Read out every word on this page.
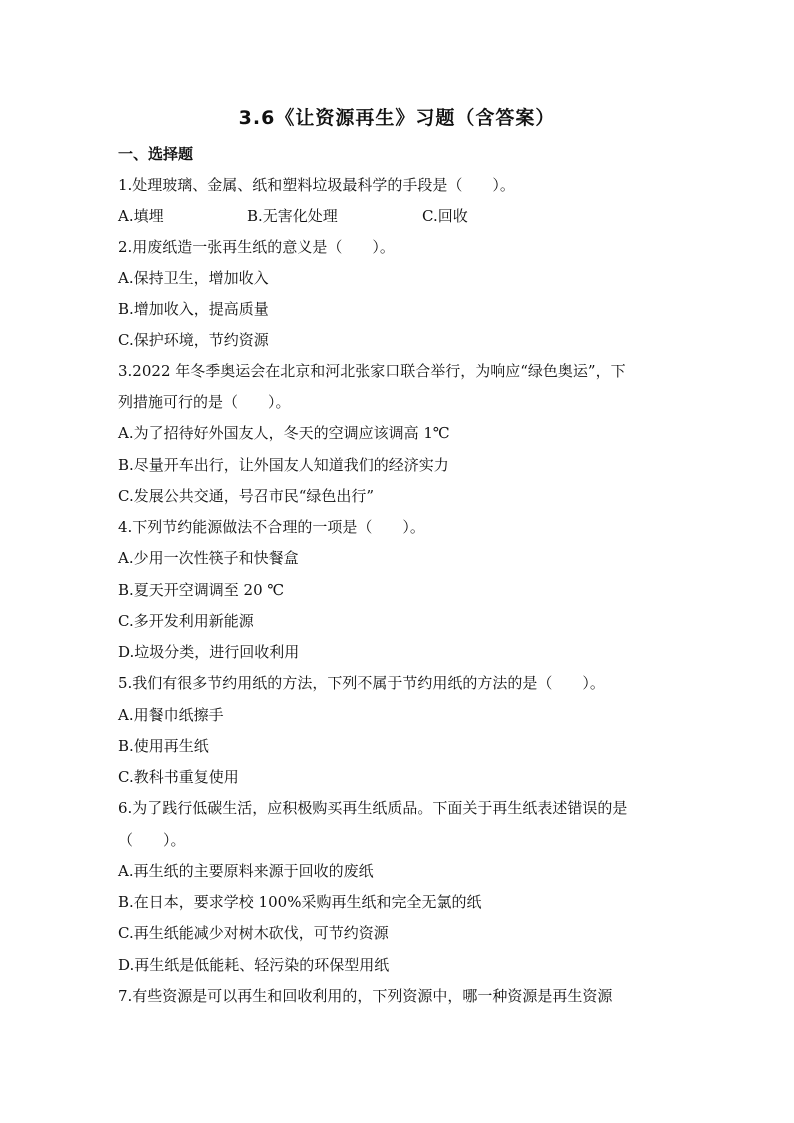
3.6《让资源再生》习题（含答案）
一、选择题
1.处理玻璃、金属、纸和塑料垃圾最科学的手段是（　　）。
A.填埋	B.无害化处理	C.回收
2.用废纸造一张再生纸的意义是（　　）。
A.保持卫生，增加收入
B.增加收入，提高质量
C.保护环境，节约资源
3.2022 年冬季奥运会在北京和河北张家口联合举行，为响应“绿色奥运”，下
列措施可行的是（　　）。
A.为了招待好外国友人，冬天的空调应该调高 1℃
B.尽量开车出行，让外国友人知道我们的经济实力
C.发展公共交通，号召市民“绿色出行”
4.下列节约能源做法不合理的一项是（　　）。
A.少用一次性筷子和快餐盒
B.夏天开空调调至 20 ℃
C.多开发利用新能源
D.垃圾分类，进行回收利用
5.我们有很多节约用纸的方法，下列不属于节约用纸的方法的是（　　）。
A.用餐巾纸擦手
B.使用再生纸
C.教科书重复使用
6.为了践行低碳生活，应积极购买再生纸质品。下面关于再生纸表述错误的是
（　　）。
A.再生纸的主要原料来源于回收的废纸
B.在日本，要求学校 100%采购再生纸和完全无氯的纸
C.再生纸能减少对树木砍伐，可节约资源
D.再生纸是低能耗、轻污染的环保型用纸
7.有些资源是可以再生和回收利用的，下列资源中，哪一种资源是再生资源
